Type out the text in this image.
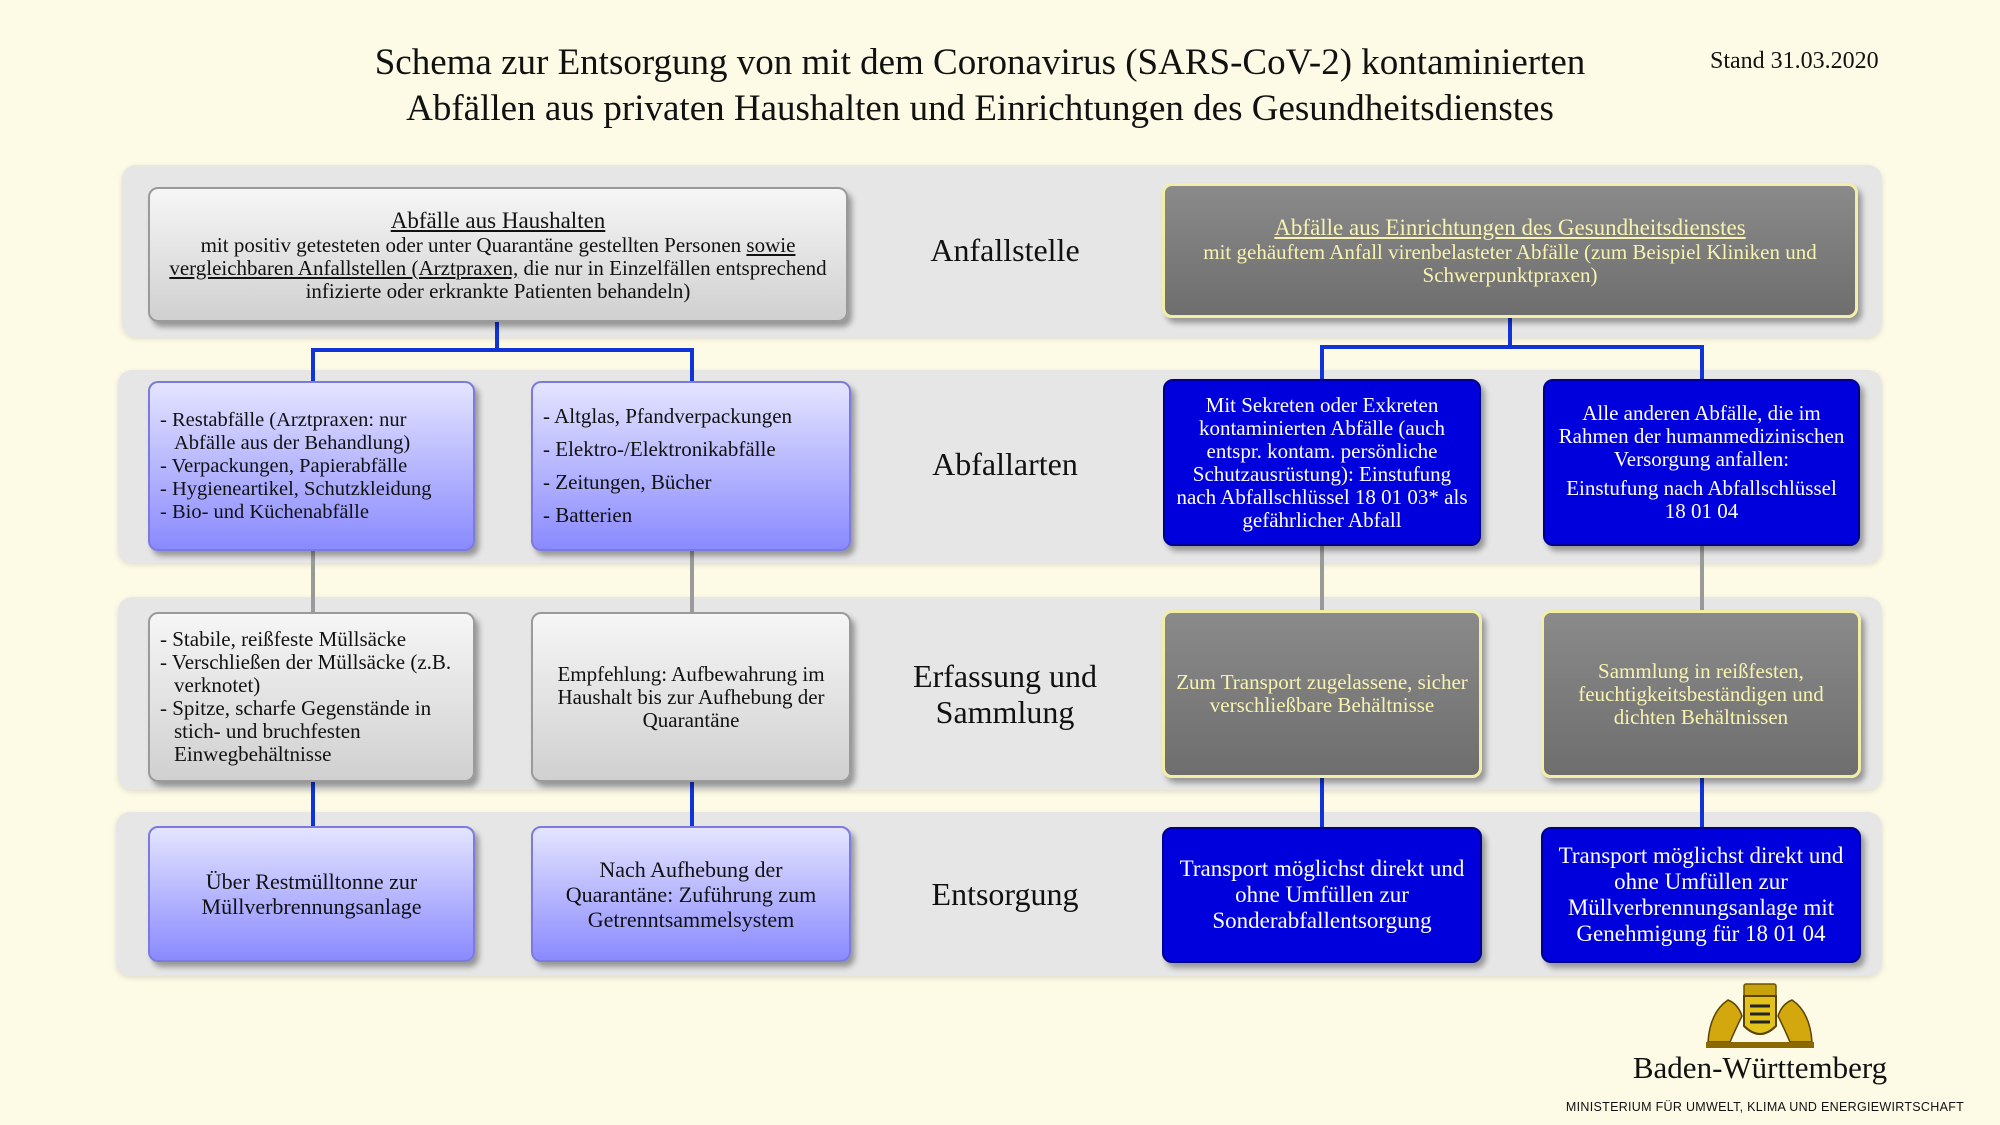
Schema zur Entsorgung von mit dem Coronavirus (SARS-CoV-2) kontaminierten
Abfällen aus privaten Haushalten und Einrichtungen des Gesundheitsdienstes
Stand 31.03.2020
Anfallstelle
Abfallarten
Erfassung und
Sammlung
Entsorgung
Abfälle aus Haushalten
mit positiv getesteten oder unter Quarantäne gestellten Personen sowie vergleichbaren Anfallstellen (Arztpraxen, die nur in Einzelfällen entsprechend infizierte oder erkrankte Patienten behandeln)
Abfälle aus Einrichtungen des Gesundheitsdienstes
mit gehäuftem Anfall virenbelasteter Abfälle (zum Beispiel Kliniken und Schwerpunktpraxen)
- Restabfälle (Arztpraxen: nur Abfälle aus der Behandlung)
- Verpackungen, Papierabfälle
- Hygieneartikel, Schutzkleidung
- Bio- und Küchenabfälle
- Altglas, Pfandverpackungen
- Elektro-/Elektronikabfälle
- Zeitungen, Bücher
- Batterien
Mit Sekreten oder Exkreten kontaminierten Abfälle (auch entspr. kontam. persönliche Schutzausrüstung): Einstufung nach Abfallschlüssel 18 01 03* als gefährlicher Abfall
Alle anderen Abfälle, die im Rahmen der humanmedizinischen Versorgung anfallen:
Einstufung nach Abfallschlüssel 18 01 04
- Stabile, reißfeste Müllsäcke
- Verschließen der Müllsäcke (z.B. verknotet)
- Spitze, scharfe Gegenstände in stich- und bruchfesten Einwegbehältnisse
Empfehlung: Aufbewahrung im Haushalt bis zur Aufhebung der Quarantäne
Zum Transport zugelassene, sicher verschließbare Behältnisse
Sammlung in reißfesten, feuchtigkeitsbeständigen und dichten Behältnissen
Über Restmülltonne zur Müllverbrennungsanlage
Nach Aufhebung der Quarantäne: Zuführung zum Getrenntsammelsystem
Transport möglichst direkt und ohne Umfüllen zur Sonderabfallentsorgung
Transport möglichst direkt und ohne Umfüllen zur Müllverbrennungsanlage mit Genehmigung für 18 01 04
Baden-Württemberg
MINISTERIUM FÜR UMWELT, KLIMA UND ENERGIEWIRTSCHAFT
